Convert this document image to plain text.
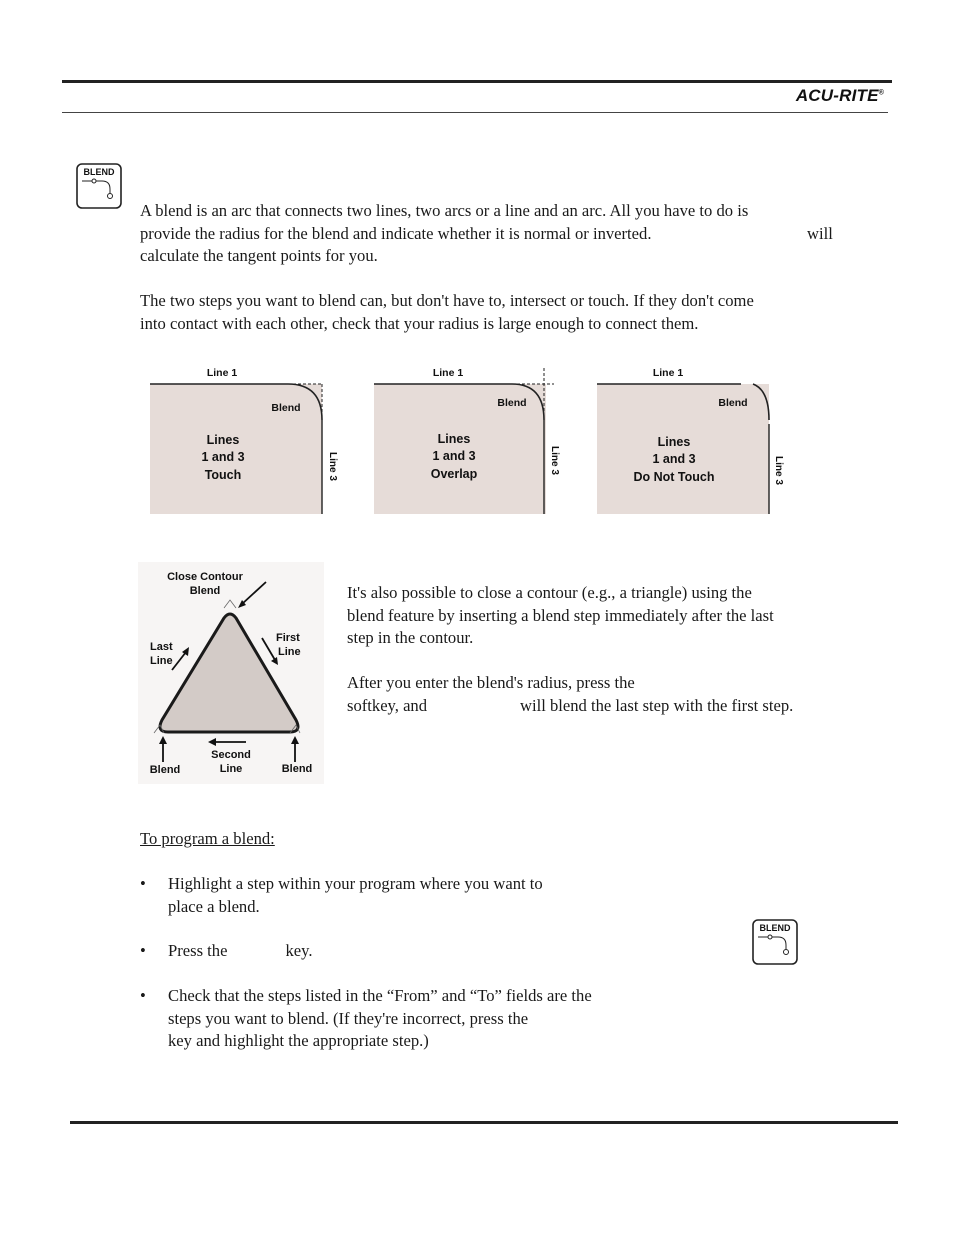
ACU-RITE®
BLEND
A blend is an arc that connects two lines, two arcs or a line and an arc. All you have to do is
provide the radius for the blend and indicate whether it is normal or inverted.	will
calculate the tangent points for you.
The two steps you want to blend can, but don't have to, intersect or touch. If they don't come
into contact with each other, check that your radius is large enough to connect them.
Line 1
Blend
Line 3
Lines
1 and 3
Touch
Line 1
Blend
Line 3
Lines
1 and 3
Overlap
Line 1
Blend
Line 3
Lines
1 and 3
Do Not Touch
Close Contour
Blend
Last
Line
First
Line
Second
Line
Blend	Blend
It's also possible to close a contour (e.g., a triangle) using the
blend feature by inserting a blend step immediately after the last
step in the contour.
After you enter the blend's radius, press the
softkey, and	will blend the last step with the first step.
To program a blend:
• Highlight a step within your program where you want to
place a blend.
• Press the	key.
• Check that the steps listed in the “From” and “To” fields are the
steps you want to blend. (If they're incorrect, press the
key and highlight the appropriate step.)
BLEND
